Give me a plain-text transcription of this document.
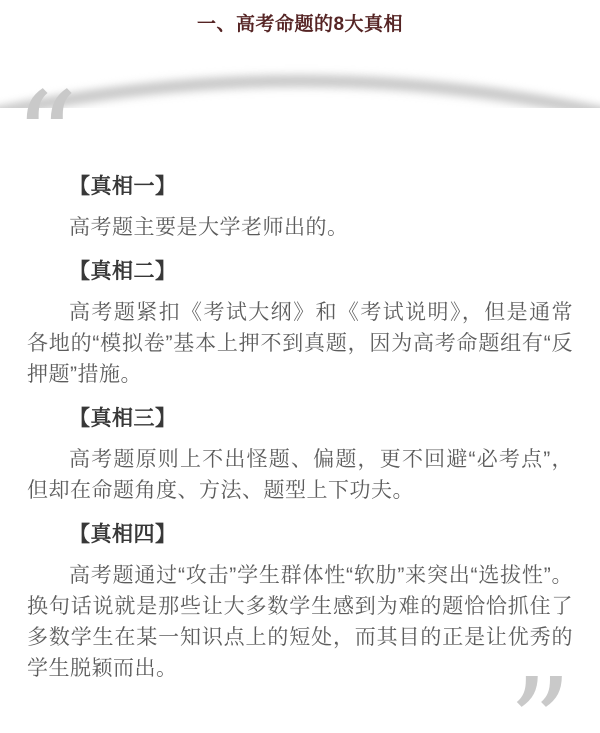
一、高考命题的8大真相
“
【真相一】

高考题主要是大学老师出的。

【真相二】

高考题紧扣《考试大纲》和《考试说明》，但是通常各地的“模拟卷”基本上押不到真题，因为高考命题组有“反押题”措施。

【真相三】

高考题原则上不出怪题、偏题，更不回避“必考点”，但却在命题角度、方法、题型上下功夫。

【真相四】

高考题通过“攻击”学生群体性“软肋”来突出“选拔性”。换句话说就是那些让大多数学生感到为难的题恰恰抓住了多数学生在某一知识点上的短处，而其目的正是让优秀的学生脱颖而出。	”
